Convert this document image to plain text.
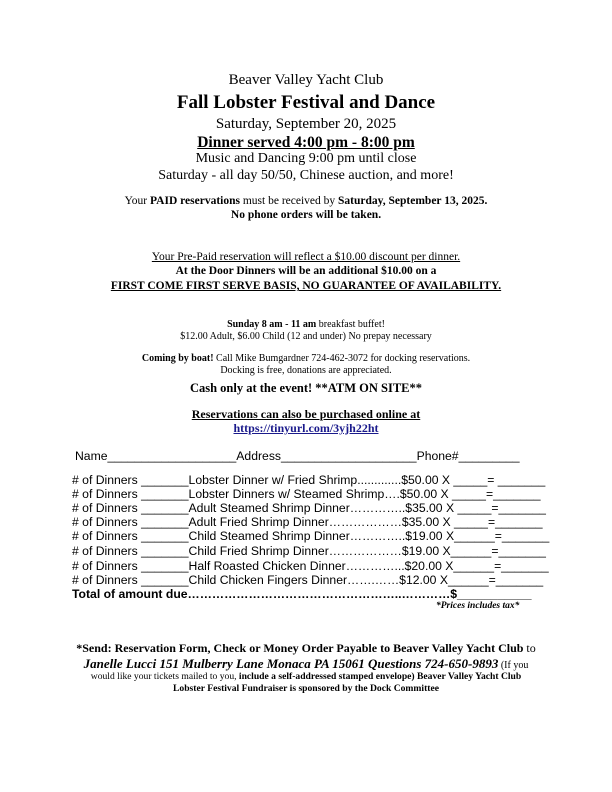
Beaver Valley Yacht Club
Fall Lobster Festival and Dance
Saturday, September 20, 2025
Dinner served 4:00 pm - 8:00 pm
Music and Dancing 9:00 pm until close
Saturday - all day 50/50, Chinese auction, and more!
Your PAID reservations must be received by Saturday, September 13, 2025.
No phone orders will be taken.
Your Pre-Paid reservation will reflect a $10.00 discount per dinner.
At the Door Dinners will be an additional $10.00 on a
FIRST COME FIRST SERVE BASIS, NO GUARANTEE OF AVAILABILITY.
Sunday 8 am - 11 am breakfast buffet!
$12.00 Adult, $6.00 Child (12 and under) No prepay necessary
Coming by boat! Call Mike Bumgardner 724-462-3072 for docking reservations.
Docking is free, donations are appreciated.
Cash only at the event! **ATM ON SITE**
Reservations can also be purchased online at
https://tinyurl.com/3yjh22ht
Name___________________Address____________________Phone#_________
# of Dinners _______Lobster Dinner w/ Fried Shrimp.............$50.00 X _____= _______
# of Dinners _______Lobster Dinners w/ Steamed Shrimp….$50.00 X _____=_______
# of Dinners _______Adult Steamed Shrimp Dinner…………..$35.00 X _____=_______
# of Dinners _______Adult Fried Shrimp Dinner………………$35.00 X _____=_______
# of Dinners _______Child Steamed Shrimp Dinner…………..$19.00 X______=_______
# of Dinners _______Child Fried Shrimp Dinner………………$19.00 X______=_______
# of Dinners _______Half Roasted Chicken Dinner…………...$20.00 X______=_______
# of Dinners _______Child Chicken Fingers Dinner…….……$12.00 X______=_______
Total of amount due……………………………………………..…………$___________
*Prices includes tax*
*Send: Reservation Form, Check or Money Order Payable to Beaver Valley Yacht Club to
Janelle Lucci 151 Mulberry Lane Monaca PA 15061 Questions 724-650-9893 (If you
would like your tickets mailed to you, include a self-addressed stamped envelope) Beaver Valley Yacht Club
Lobster Festival Fundraiser is sponsored by the Dock Committee
